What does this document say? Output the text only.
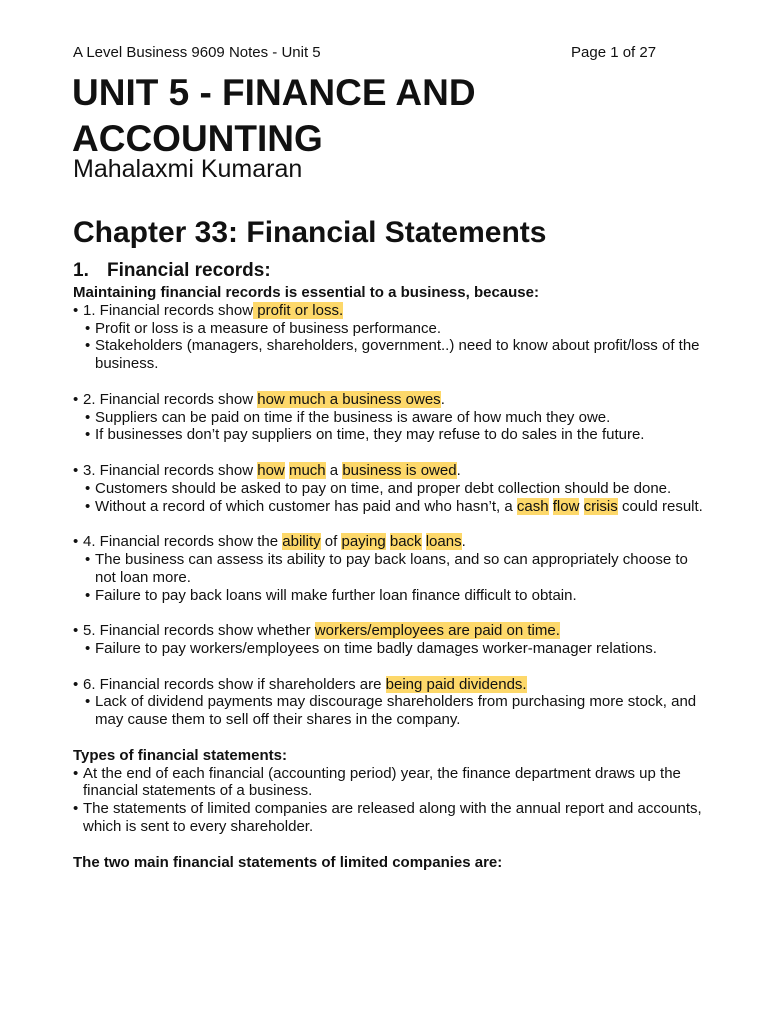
A Level Business 9609 Notes - Unit 5	Page 1 of 27
UNIT 5 - FINANCE AND ACCOUNTING
Mahalaxmi Kumaran
Chapter 33: Financial Statements
1. Financial records:
Maintaining financial records is essential to a business, because:
• 1. Financial records show profit or loss.
• Profit or loss is a measure of business performance.
• Stakeholders (managers, shareholders, government..) need to know about profit/loss of the business.
• 2. Financial records show how much a business owes.
• Suppliers can be paid on time if the business is aware of how much they owe.
• If businesses don’t pay suppliers on time, they may refuse to do sales in the future.
• 3. Financial records show how much a business is owed.
• Customers should be asked to pay on time, and proper debt collection should be done.
• Without a record of which customer has paid and who hasn’t, a cash flow crisis could result.
• 4. Financial records show the ability of paying back loans.
• The business can assess its ability to pay back loans, and so can appropriately choose to not loan more.
• Failure to pay back loans will make further loan finance difficult to obtain.
• 5. Financial records show whether workers/employees are paid on time.
• Failure to pay workers/employees on time badly damages worker-manager relations.
• 6. Financial records show if shareholders are being paid dividends.
• Lack of dividend payments may discourage shareholders from purchasing more stock, and may cause them to sell off their shares in the company.
Types of financial statements:
• At the end of each financial (accounting period) year, the finance department draws up the financial statements of a business.
• The statements of limited companies are released along with the annual report and accounts, which is sent to every shareholder.
The two main financial statements of limited companies are:
